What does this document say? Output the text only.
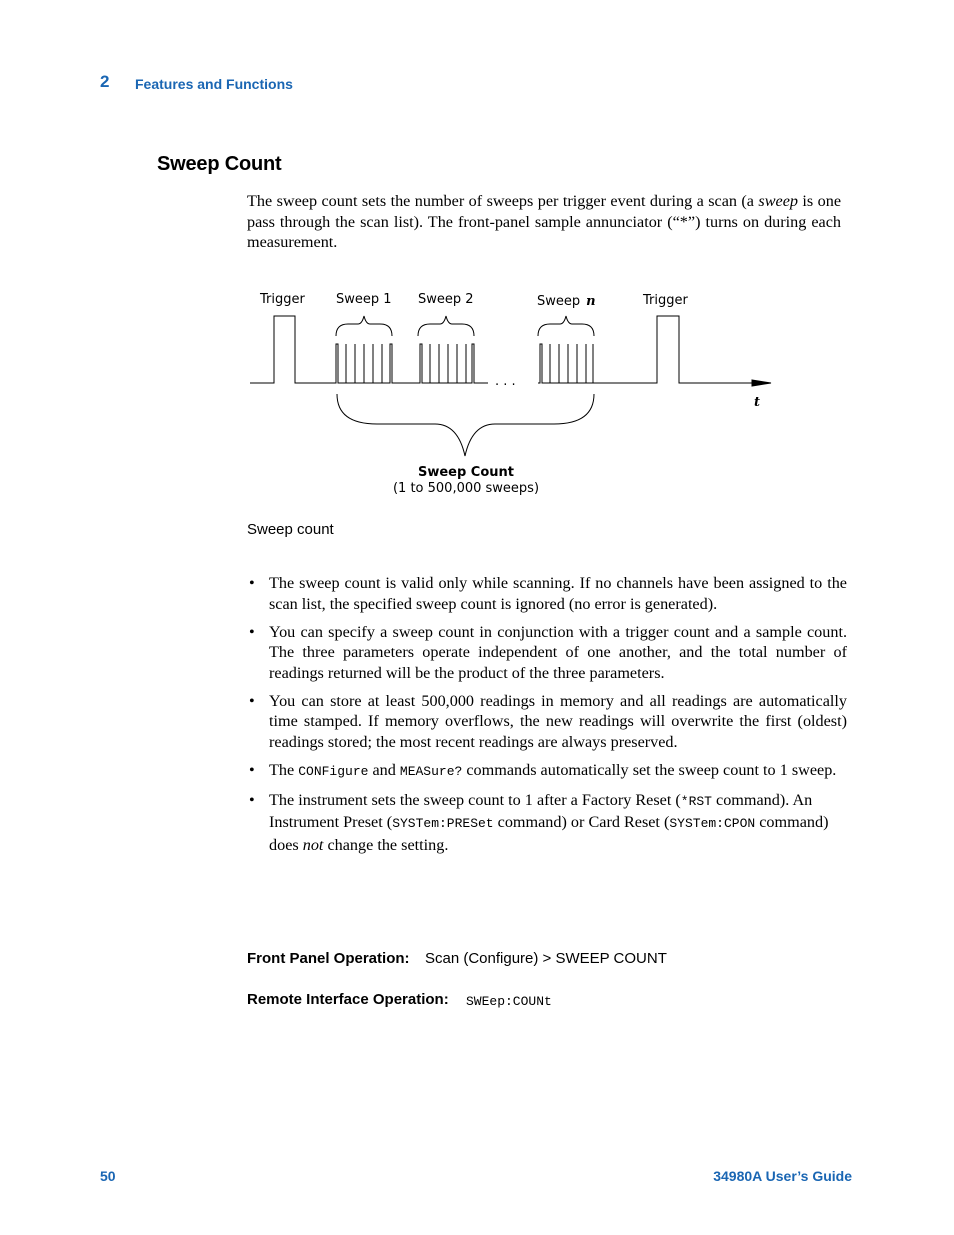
2 Features and Functions
Sweep Count
The sweep count sets the number of sweeps per trigger event during a scan (a sweep is one pass through the scan list). The front-panel sample annunciator (“*”) turns on during each measurement.
Trigger Sweep 1 Sweep 2	Sweep n	Trigger
. . .
t
Sweep Count
(1 to 500,000 sweeps)
Sweep count
• The sweep count is valid only while scanning. If no channels have been assigned to the scan list, the specified sweep count is ignored (no error is generated).
• You can specify a sweep count in conjunction with a trigger count and a sample count. The three parameters operate independent of one another, and the total number of readings returned will be the product of the three parameters.
• You can store at least 500,000 readings in memory and all readings are automatically time stamped. If memory overflows, the new readings will overwrite the first (oldest) readings stored; the most recent readings are always preserved.
• The CONFigure and MEASure? commands automatically set the sweep count to 1 sweep.
• The instrument sets the sweep count to 1 after a Factory Reset (*RST command). An Instrument Preset (SYSTem:PRESet command) or Card Reset (SYSTem:CPON command) does not change the setting.
Front Panel Operation: Scan (Configure) > SWEEP COUNT
Remote Interface Operation: SWEep:COUNt
50	34980A User’s Guide
